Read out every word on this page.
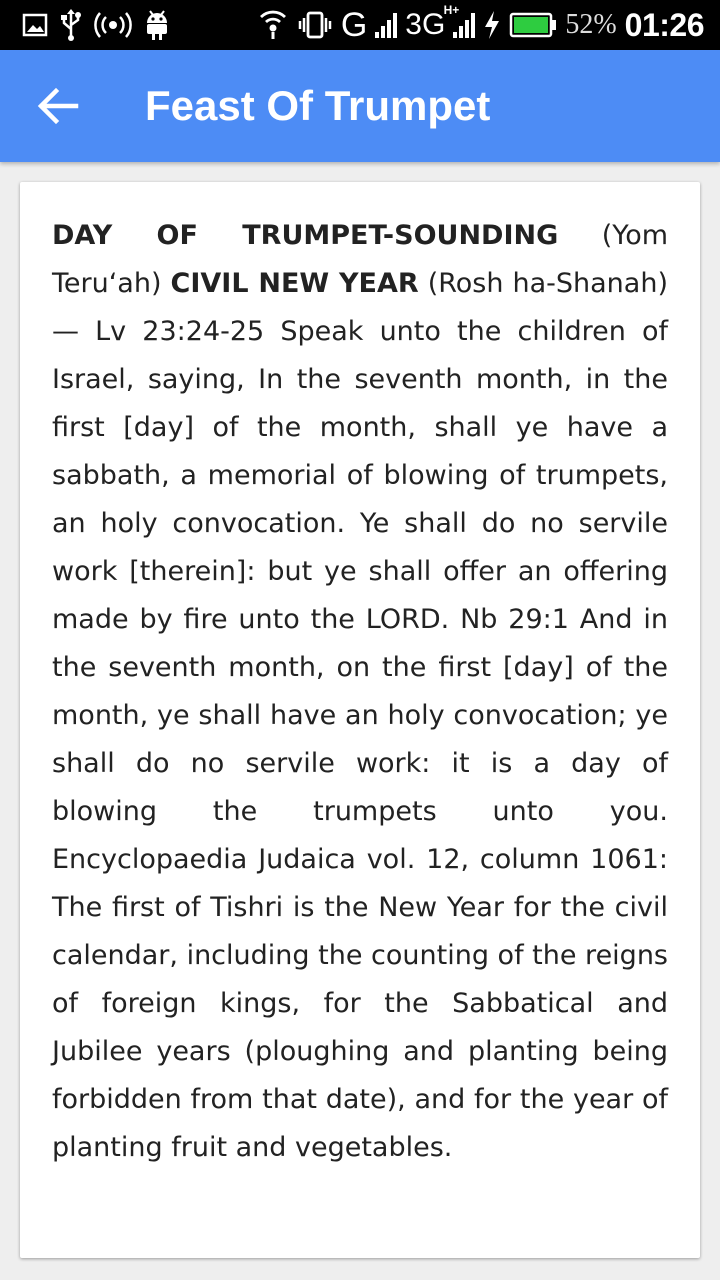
G 3G
H+	52% 01:26
Feast Of Trumpet

DAY OF TRUMPET-SOUNDING (Yom Teru‘ah) CIVIL NEW YEAR (Rosh ha-Shanah) — Lv 23:24-25 Speak unto the children of Israel, saying, In the seventh month, in the first [day] of the month, shall ye have a sabbath, a memorial of blowing of trumpets, an holy convocation. Ye shall do no servile work [therein]: but ye shall offer an offering made by fire unto the LORD. Nb 29:1 And in the seventh month, on the first [day] of the month, ye shall have an holy convocation; ye shall do no servile work: it is a day of blowing the trumpets unto you. Encyclopaedia Judaica vol. 12, column 1061: The first of Tishri is the New Year for the civil calendar, including the counting of the reigns of foreign kings, for the Sabbatical and Jubilee years (ploughing and planting being forbidden from that date), and for the year of planting fruit and vegetables.
